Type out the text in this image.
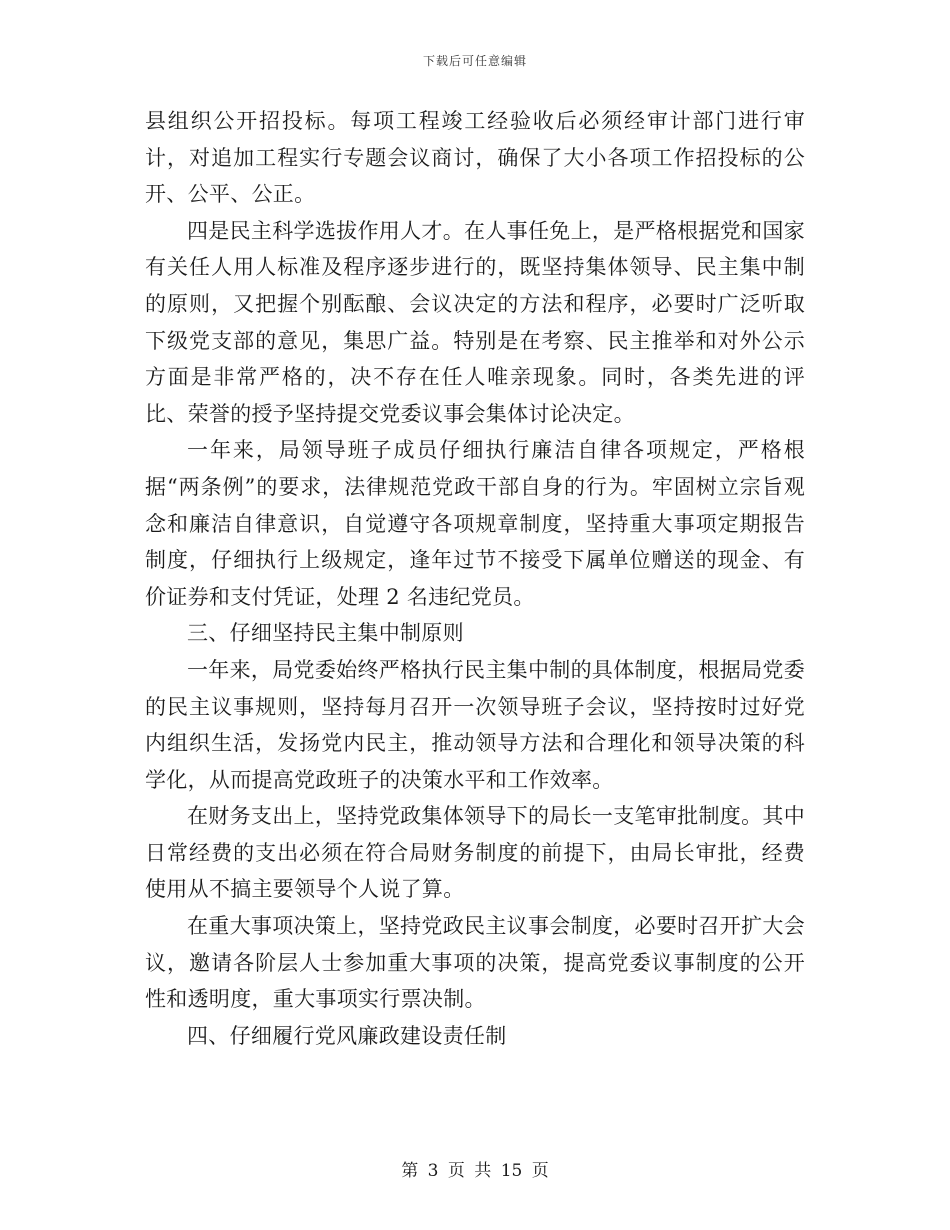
下载后可任意编辑

县组织公开招投标。每项工程竣工经验收后必须经审计部门进行审计，对追加工程实行专题会议商讨，确保了大小各项工作招投标的公开、公平、公正。

四是民主科学选拔作用人才。在人事任免上，是严格根据党和国家有关任人用人标准及程序逐步进行的，既坚持集体领导、民主集中制的原则，又把握个别酝酿、会议决定的方法和程序，必要时广泛听取下级党支部的意见，集思广益。特别是在考察、民主推举和对外公示方面是非常严格的，决不存在任人唯亲现象。同时，各类先进的评比、荣誉的授予坚持提交党委议事会集体讨论决定。

一年来，局领导班子成员仔细执行廉洁自律各项规定，严格根据“两条例”的要求，法律规范党政干部自身的行为。牢固树立宗旨观念和廉洁自律意识，自觉遵守各项规章制度，坚持重大事项定期报告制度，仔细执行上级规定，逢年过节不接受下属单位赠送的现金、有价证券和支付凭证，处理 2 名违纪党员。

三、仔细坚持民主集中制原则

一年来，局党委始终严格执行民主集中制的具体制度，根据局党委的民主议事规则，坚持每月召开一次领导班子会议，坚持按时过好党内组织生活，发扬党内民主，推动领导方法和合理化和领导决策的科学化，从而提高党政班子的决策水平和工作效率。

在财务支出上，坚持党政集体领导下的局长一支笔审批制度。其中日常经费的支出必须在符合局财务制度的前提下，由局长审批，经费使用从不搞主要领导个人说了算。

在重大事项决策上，坚持党政民主议事会制度，必要时召开扩大会议，邀请各阶层人士参加重大事项的决策，提高党委议事制度的公开性和透明度，重大事项实行票决制。

四、仔细履行党风廉政建设责任制

第 3 页 共 15 页
